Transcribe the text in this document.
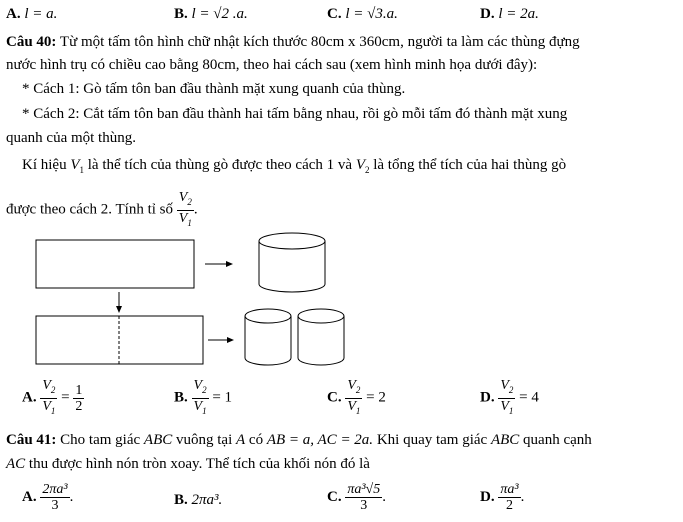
A. l = a.	B. l = √2 .a.	C. l = √3.a.	D. l = 2a.
Câu 40: Từ một tấm tôn hình chữ nhật kích thước 80cm x 360cm, người ta làm các thùng đựng
nước hình trụ có chiều cao bằng 80cm, theo hai cách sau (xem hình minh họa dưới đây):
* Cách 1: Gò tấm tôn ban đầu thành mặt xung quanh của thùng.
* Cách 2: Cắt tấm tôn ban đầu thành hai tấm bằng nhau, rồi gò mỗi tấm đó thành mặt xung
quanh của một thùng.
Kí hiệu $V_1$ là thể tích của thùng gò được theo cách 1 và $V_2$ là tổng thể tích của hai thùng gò
được theo cách 2. Tính tỉ số $\frac{V_2}{V_1}$ .
A. $\frac{V_2}{V_1} = \frac{1}{2}$	B. $\frac{V_2}{V_1} = 1$	C. $\frac{V_2}{V_1} = 2$	D. $\frac{V_2}{V_1} = 4$
Câu 41: Cho tam giác ABC vuông tại A có AB = a, AC = 2a. Khi quay tam giác ABC quanh cạnh
AC thu được hình nón tròn xoay. Thể tích của khối nón đó là
A. $\frac{\text{2πa³}}{3}$ .	B. 2πa³.	C. $\frac{\text{πa³√5}}{3}$ .	D. $\frac{\text{πa³}}{2}$ .
